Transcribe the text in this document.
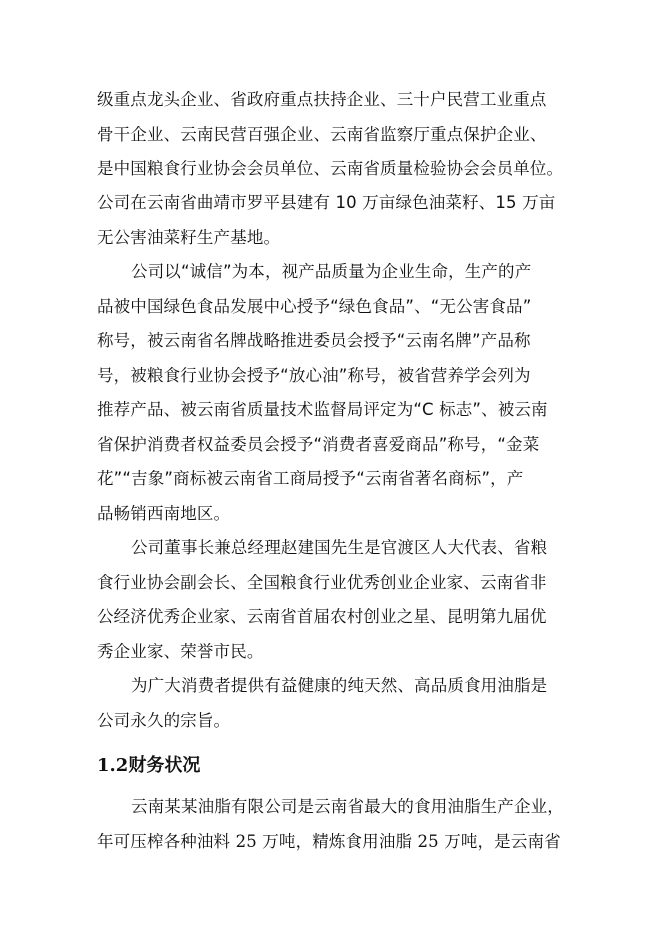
级重点龙头企业、省政府重点扶持企业、三十户民营工业重点
骨干企业、云南民营百强企业、云南省监察厅重点保护企业、
是中国粮食行业协会会员单位、云南省质量检验协会会员单位。
公司在云南省曲靖市罗平县建有 10 万亩绿色油菜籽、15 万亩
无公害油菜籽生产基地。
公司以“诚信”为本，视产品质量为企业生命，生产的产
品被中国绿色食品发展中心授予“绿色食品”、“无公害食品”
称号，被云南省名牌战略推进委员会授予“云南名牌”产品称
号，被粮食行业协会授予“放心油”称号，被省营养学会列为
推荐产品、被云南省质量技术监督局评定为“C 标志”、被云南
省保护消费者权益委员会授予“消费者喜爱商品”称号，“金菜
花”“吉象”商标被云南省工商局授予“云南省著名商标”，产
品畅销西南地区。
公司董事长兼总经理赵建国先生是官渡区人大代表、省粮
食行业协会副会长、全国粮食行业优秀创业企业家、云南省非
公经济优秀企业家、云南省首届农村创业之星、昆明第九届优
秀企业家、荣誉市民。
为广大消费者提供有益健康的纯天然、高品质食用油脂是
公司永久的宗旨。
1.2财务状况
云南某某油脂有限公司是云南省最大的食用油脂生产企业，
年可压榨各种油料 25 万吨，精炼食用油脂 25 万吨，是云南省
